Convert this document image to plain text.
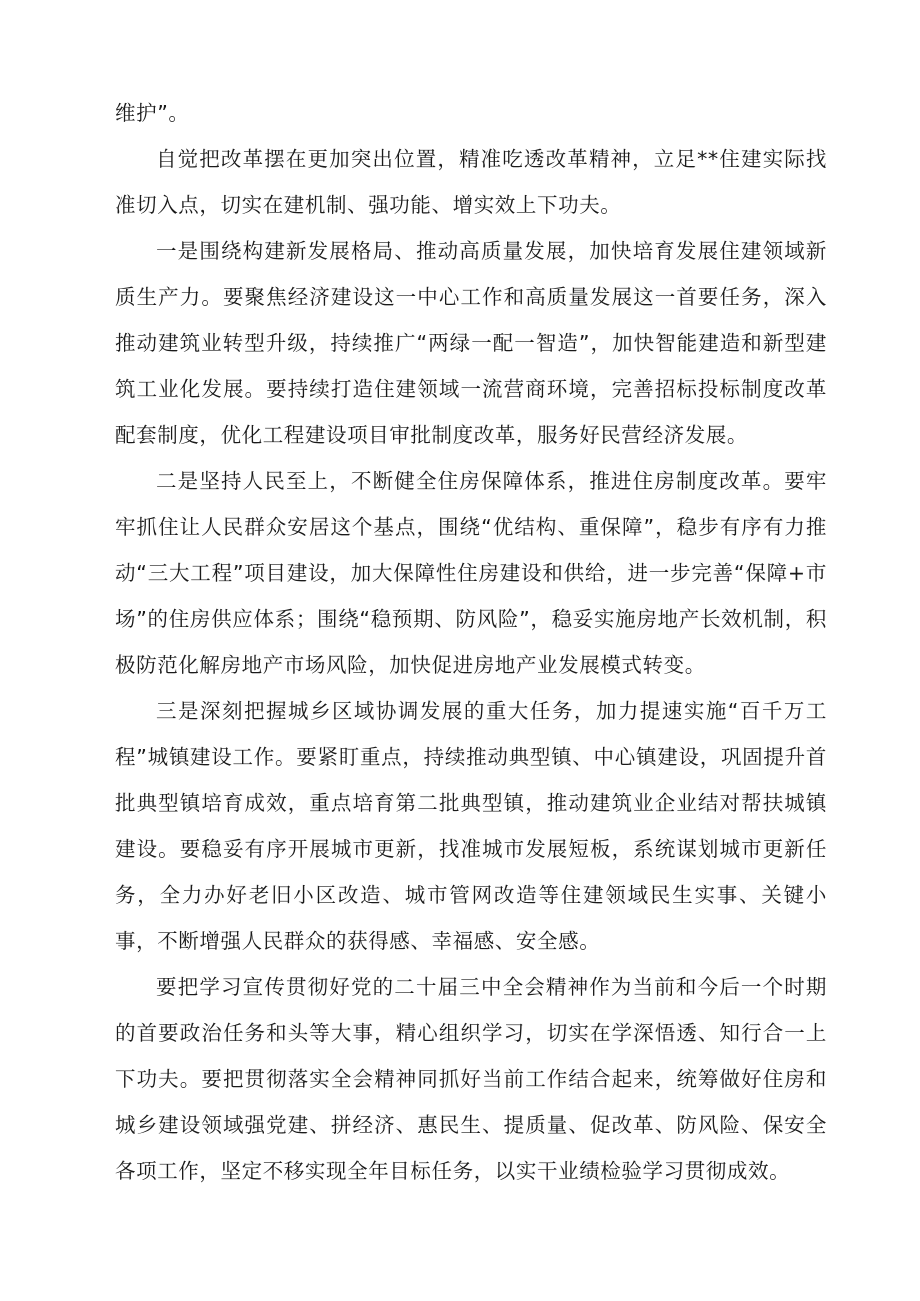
维护”。

自觉把改革摆在更加突出位置，精准吃透改革精神，立足**住建实际找准切入点，切实在建机制、强功能、增实效上下功夫。

一是围绕构建新发展格局、推动高质量发展，加快培育发展住建领域新质生产力。要聚焦经济建设这一中心工作和高质量发展这一首要任务，深入推动建筑业转型升级，持续推广“两绿一配一智造”，加快智能建造和新型建筑工业化发展。要持续打造住建领域一流营商环境，完善招标投标制度改革配套制度，优化工程建设项目审批制度改革，服务好民营经济发展。

二是坚持人民至上，不断健全住房保障体系，推进住房制度改革。要牢牢抓住让人民群众安居这个基点，围绕“优结构、重保障”，稳步有序有力推动“三大工程”项目建设，加大保障性住房建设和供给，进一步完善“保障+市场”的住房供应体系；围绕“稳预期、防风险”，稳妥实施房地产长效机制，积极防范化解房地产市场风险，加快促进房地产业发展模式转变。

三是深刻把握城乡区域协调发展的重大任务，加力提速实施“百千万工程”城镇建设工作。要紧盯重点，持续推动典型镇、中心镇建设，巩固提升首批典型镇培育成效，重点培育第二批典型镇，推动建筑业企业结对帮扶城镇建设。要稳妥有序开展城市更新，找准城市发展短板，系统谋划城市更新任务，全力办好老旧小区改造、城市管网改造等住建领域民生实事、关键小事，不断增强人民群众的获得感、幸福感、安全感。

要把学习宣传贯彻好党的二十届三中全会精神作为当前和今后一个时期的首要政治任务和头等大事，精心组织学习，切实在学深悟透、知行合一上下功夫。要把贯彻落实全会精神同抓好当前工作结合起来，统筹做好住房和城乡建设领域强党建、拼经济、惠民生、提质量、促改革、防风险、保安全各项工作，坚定不移实现全年目标任务，以实干业绩检验学习贯彻成效。
